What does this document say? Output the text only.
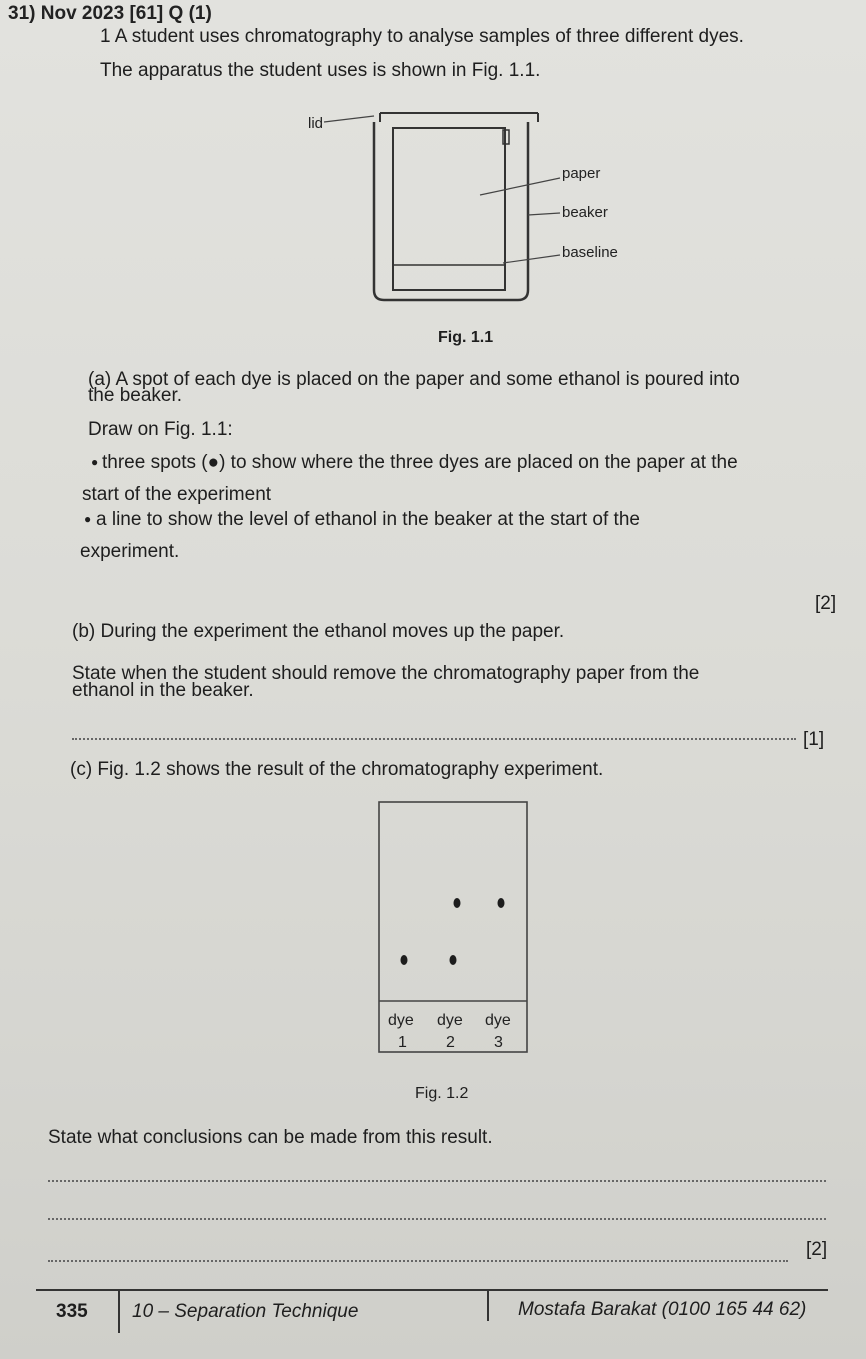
31) Nov 2023 [61] Q (1)
1 A student uses chromatography to analyse samples of three different dyes.
The apparatus the student uses is shown in Fig. 1.1.
lid
paper
beaker
baseline
Fig. 1.1
(a) A spot of each dye is placed on the paper and some ethanol is poured into
the beaker.
Draw on Fig. 1.1:
● three spots (●) to show where the three dyes are placed on the paper at the
start of the experiment
● a line to show the level of ethanol in the beaker at the start of the
experiment.
[2]
(b) During the experiment the ethanol moves up the paper.
State when the student should remove the chromatography paper from the
ethanol in the beaker.
[1]
(c) Fig. 1.2 shows the result of the chromatography experiment.
dye dye dye
1 2 3
Fig. 1.2
State what conclusions can be made from this result.
[2]
335 10 – Separation Technique	Mostafa Barakat (0100 165 44 62)
